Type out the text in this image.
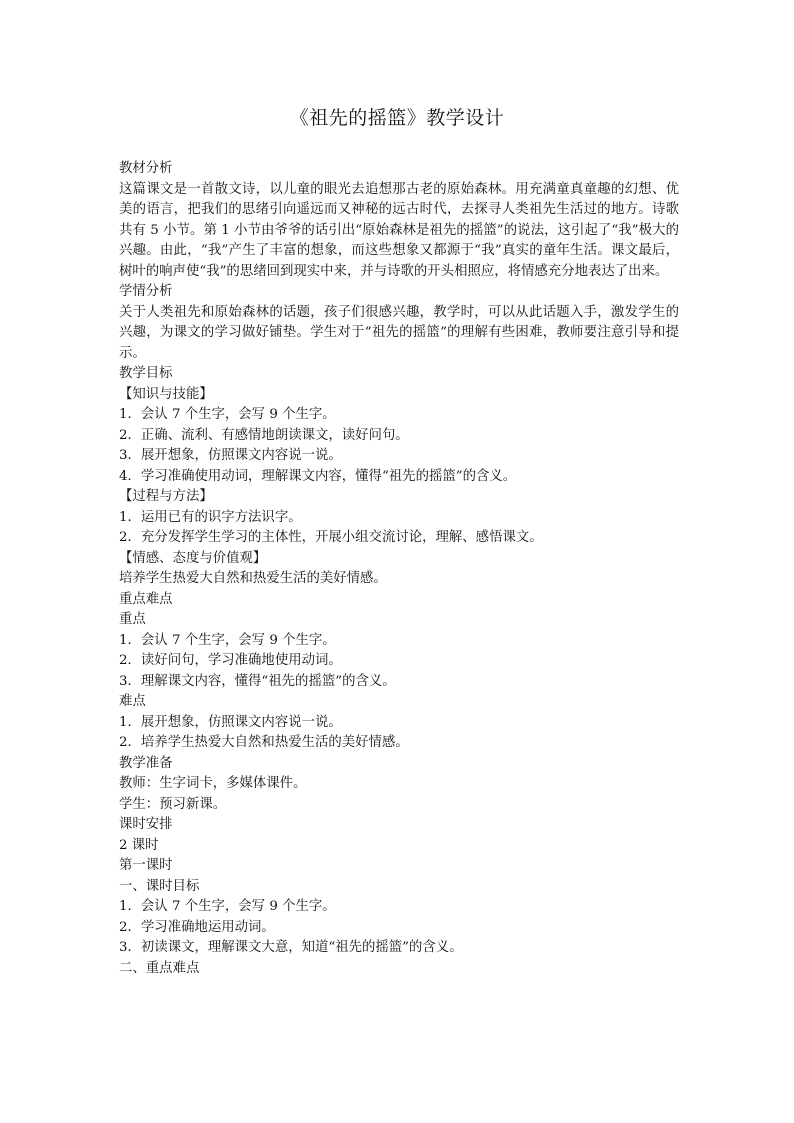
《祖先的摇篮》教学设计

教材分析

这篇课文是一首散文诗，以儿童的眼光去追想那古老的原始森林。用充满童真童趣的幻想、优美的语言，把我们的思绪引向遥远而又神秘的远古时代，去探寻人类祖先生活过的地方。诗歌共有 5 小节。第 1 小节由爷爷的话引出“原始森林是祖先的摇篮”的说法，这引起了“我”极大的兴趣。由此，“我”产生了丰富的想象，而这些想象又都源于“我”真实的童年生活。课文最后，树叶的响声使“我”的思绪回到现实中来，并与诗歌的开头相照应，将情感充分地表达了出来。

学情分析

关于人类祖先和原始森林的话题，孩子们很感兴趣，教学时，可以从此话题入手，激发学生的兴趣，为课文的学习做好铺垫。学生对于“祖先的摇篮”的理解有些困难，教师要注意引导和提示。

教学目标

【知识与技能】

1．会认 7 个生字，会写 9 个生字。

2．正确、流利、有感情地朗读课文，读好问句。

3．展开想象，仿照课文内容说一说。

4．学习准确使用动词，理解课文内容，懂得“祖先的摇篮”的含义。

【过程与方法】

1．运用已有的识字方法识字。

2．充分发挥学生学习的主体性，开展小组交流讨论，理解、感悟课文。

【情感、态度与价值观】

培养学生热爱大自然和热爱生活的美好情感。

重点难点

重点

1．会认 7 个生字，会写 9 个生字。

2．读好问句，学习准确地使用动词。

3．理解课文内容，懂得“祖先的摇篮”的含义。

难点

1．展开想象，仿照课文内容说一说。

2．培养学生热爱大自然和热爱生活的美好情感。

教学准备

教师：生字词卡，多媒体课件。

学生：预习新课。

课时安排

2 课时

第一课时

一、课时目标

1．会认 7 个生字，会写 9 个生字。

2．学习准确地运用动词。

3．初读课文，理解课文大意，知道“祖先的摇篮”的含义。

二、重点难点
